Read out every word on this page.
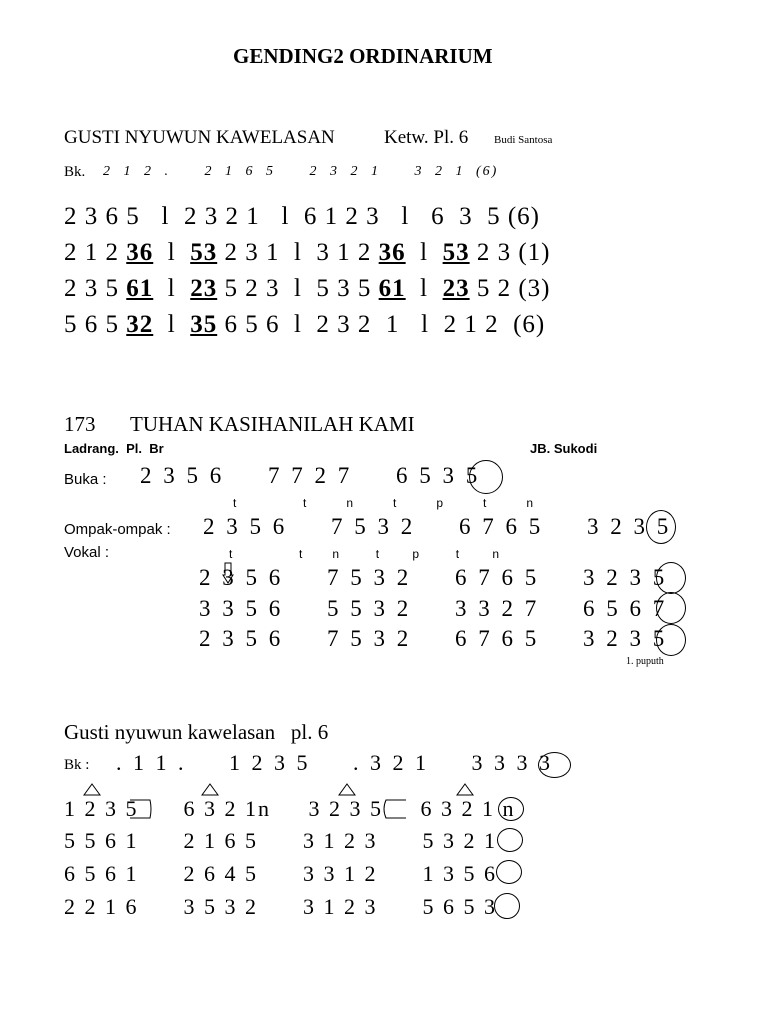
GENDING2 ORDINARIUM
GUSTI NYUWUN KAWELASAN	Ketw. Pl. 6 Budi Santosa
Bk. 2 1 2 .   2 1 6 5   2 3 2 1   3 2 1 (6)
2 3 6 5   l  2 3 2 1   l  6 1 2 3   l   6  3  5 (6)
2 1 2 36  l  53 2 3 1  l  3 1 2 36  l  53 2 3 (1)
2 3 5 61  l  23 5 2 3  l  5 3 5 61  l  23 5 2 (3)
5 6 5 32  l  35 6 5 6  l  2 3 2  1   l  2 1 2  (6)
173 TUHAN KASIHANILAH KAMI
Ladrang.  Pl.  Br	JB. Sukodi
Buka : 2 3 5 6     7 7 2 7     6 5 3 5
t                    t            n            t            p            t            n
Ompak-ompak : 2 3 5 6     7 5 3 2     6 7 6 5     3 2 3 5
Vokal :

	t                    t         n           t          p           t          n
2 3 5 6     7 5 3 2     6 7 6 5     3 2 3 5
3 3 5 6     5 5 3 2     3 3 2 7     6 5 6 7
2 3 5 6     7 5 3 2     6 7 6 5     3 2 3 5
1. puputh
Gusti nyuwun kawelasan   pl. 6
Bk : . 1 1 .     1 2 3 5     . 3 2 1     3 3 3 3
1 2 3 5      6 3 2 1n     3 2 3 5     6 3 2 1 n
5 5 6 1      2 1 6 5      3 1 2 3      5 3 2 1
6 5 6 1      2 6 4 5      3 3 1 2      1 3 5 6
2 2 1 6      3 5 3 2      3 1 2 3      5 6 5 3
